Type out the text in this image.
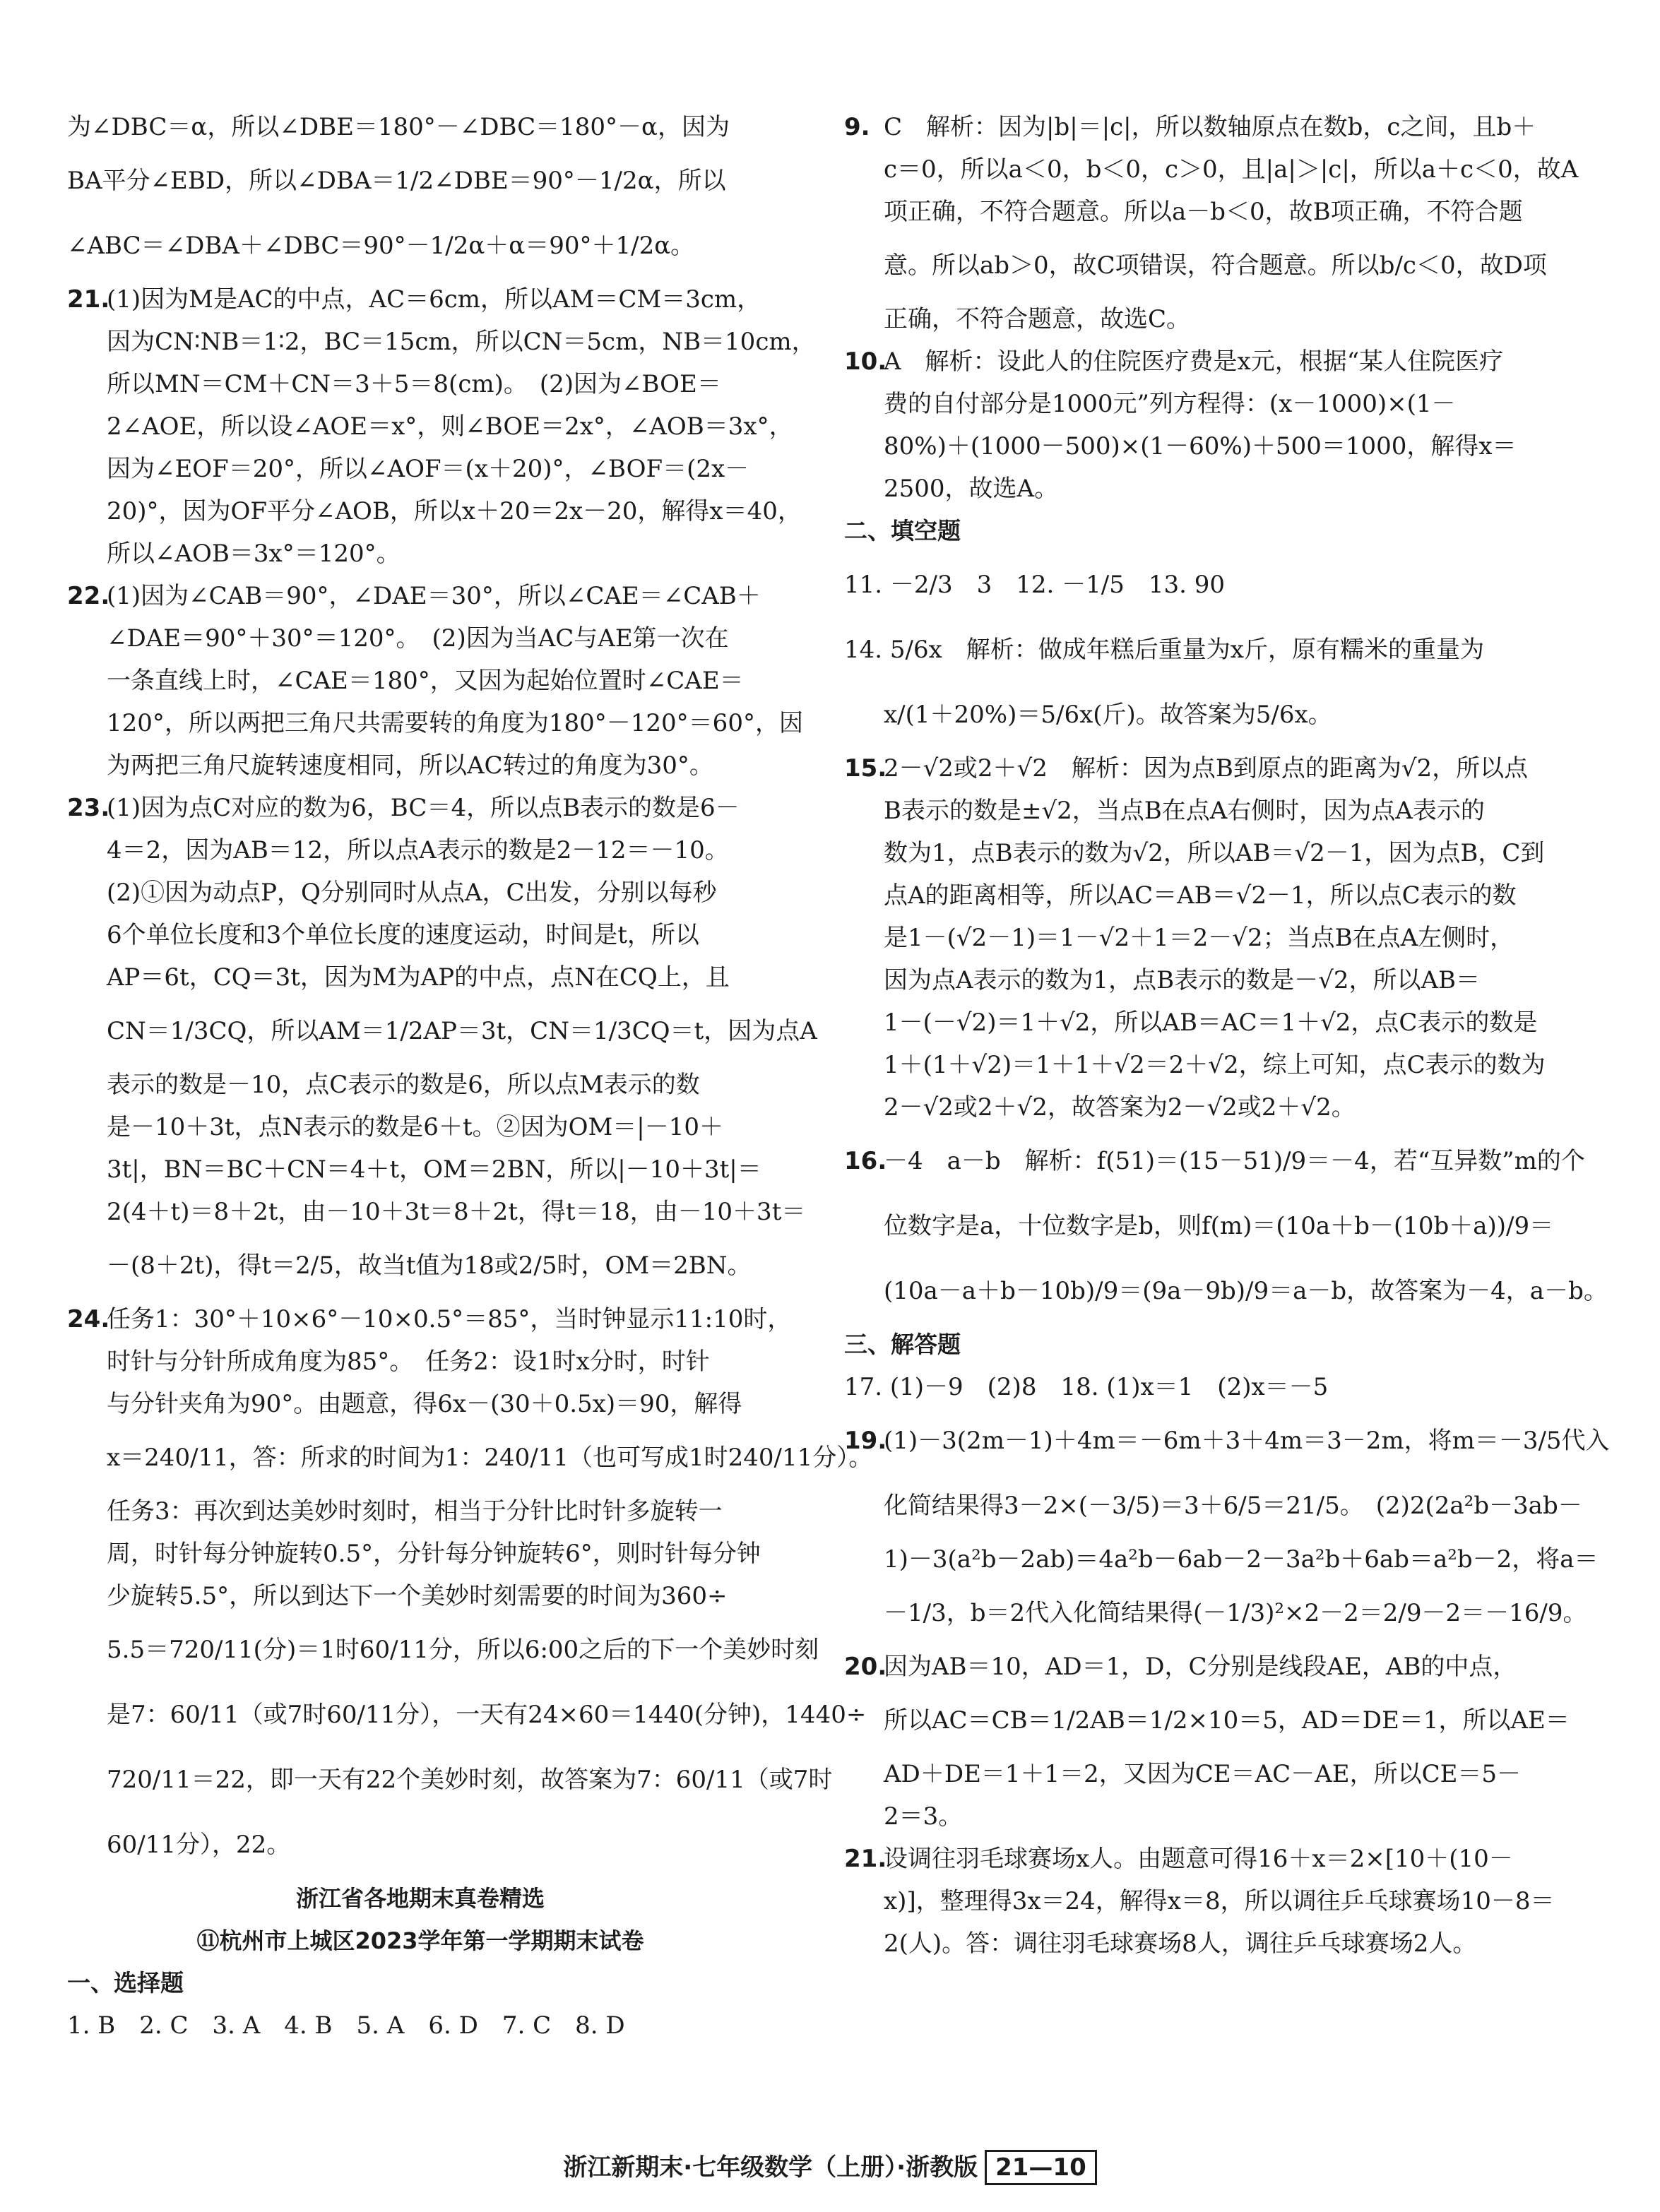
为∠DBC＝α，所以∠DBE＝180°－∠DBC＝180°－α，因为
BA平分∠EBD，所以∠DBA＝1/2∠DBE＝90°－1/2α，所以
∠ABC＝∠DBA＋∠DBC＝90°－1/2α＋α＝90°＋1/2α。
21.(1)因为M是AC的中点，AC＝6cm，所以AM＝CM＝3cm，
因为CN∶NB＝1∶2，BC＝15cm，所以CN＝5cm，NB＝10cm，
所以MN＝CM＋CN＝3＋5＝8(cm)。　(2)因为∠BOE＝
2∠AOE，所以设∠AOE＝x°，则∠BOE＝2x°，∠AOB＝3x°，
因为∠EOF＝20°，所以∠AOF＝(x＋20)°，∠BOF＝(2x－
20)°，因为OF平分∠AOB，所以x＋20＝2x－20，解得x＝40，
所以∠AOB＝3x°＝120°。
22.(1)因为∠CAB＝90°，∠DAE＝30°，所以∠CAE＝∠CAB＋
∠DAE＝90°＋30°＝120°。　(2)因为当AC与AE第一次在
一条直线上时，∠CAE＝180°，又因为起始位置时∠CAE＝
120°，所以两把三角尺共需要转的角度为180°－120°＝60°，因
为两把三角尺旋转速度相同，所以AC转过的角度为30°。
23.(1)因为点C对应的数为6，BC＝4，所以点B表示的数是6－
4＝2，因为AB＝12，所以点A表示的数是2－12＝－10。
(2)①因为动点P，Q分别同时从点A，C出发，分别以每秒
6个单位长度和3个单位长度的速度运动，时间是t，所以
AP＝6t，CQ＝3t，因为M为AP的中点，点N在CQ上，且
CN＝1/3CQ，所以AM＝1/2AP＝3t，CN＝1/3CQ＝t，因为点A
表示的数是－10，点C表示的数是6，所以点M表示的数
是－10＋3t，点N表示的数是6＋t。②因为OM＝|－10＋
3t|，BN＝BC＋CN＝4＋t，OM＝2BN，所以|－10＋3t|＝
2(4＋t)＝8＋2t，由－10＋3t＝8＋2t，得t＝18，由－10＋3t＝
－(8＋2t)，得t＝2/5，故当t值为18或2/5时，OM＝2BN。
24.任务1：30°＋10×6°－10×0.5°＝85°，当时钟显示11:10时，
时针与分针所成角度为85°。　任务2：设1时x分时，时针
与分针夹角为90°。由题意，得6x－(30＋0.5x)＝90，解得
x＝240/11，答：所求的时间为1：240/11（也可写成1时240/11分）。
任务3：再次到达美妙时刻时，相当于分针比时针多旋转一
周，时针每分钟旋转0.5°，分针每分钟旋转6°，则时针每分钟
少旋转5.5°，所以到达下一个美妙时刻需要的时间为360÷
5.5＝720/11(分)＝1时60/11分，所以6:00之后的下一个美妙时刻
是7：60/11（或7时60/11分），一天有24×60＝1440(分钟)，1440÷
720/11＝22，即一天有22个美妙时刻，故答案为7：60/11（或7时
60/11分），22。
浙江省各地期末真卷精选
⑪杭州市上城区2023学年第一学期期末试卷
一、选择题
1. B　2. C　3. A　4. B　5. A　6. D　7. C　8. D
9. C　解析：因为|b|＝|c|，所以数轴原点在数b，c之间，且b＋
c＝0，所以a＜0，b＜0，c＞0，且|a|＞|c|，所以a＋c＜0，故A
项正确，不符合题意。所以a－b＜0，故B项正确，不符合题
意。所以ab＞0，故C项错误，符合题意。所以b/c＜0，故D项
正确，不符合题意，故选C。
10.A　解析：设此人的住院医疗费是x元，根据“某人住院医疗
费的自付部分是1000元”列方程得：(x－1000)×(1－
80%)＋(1000－500)×(1－60%)＋500＝1000，解得x＝
2500，故选A。
二、填空题
11. －2/3　3　12. －1/5　13. 90
14. 5/6x　解析：做成年糕后重量为x斤，原有糯米的重量为
x/(1＋20%)＝5/6x(斤)。故答案为5/6x。
15.2－√2或2＋√2　解析：因为点B到原点的距离为√2，所以点
B表示的数是±√2，当点B在点A右侧时，因为点A表示的
数为1，点B表示的数为√2，所以AB＝√2－1，因为点B，C到
点A的距离相等，所以AC＝AB＝√2－1，所以点C表示的数
是1－(√2－1)＝1－√2＋1＝2－√2；当点B在点A左侧时，
因为点A表示的数为1，点B表示的数是－√2，所以AB＝
1－(－√2)＝1＋√2，所以AB＝AC＝1＋√2，点C表示的数是
1＋(1＋√2)＝1＋1＋√2＝2＋√2，综上可知，点C表示的数为
2－√2或2＋√2，故答案为2－√2或2＋√2。
16.－4　a－b　解析：f(51)＝(15－51)/9＝－4，若“互异数”m的个
位数字是a，十位数字是b，则f(m)＝(10a＋b－(10b＋a))/9＝
(10a－a＋b－10b)/9＝(9a－9b)/9＝a－b，故答案为－4，a－b。
三、解答题
17. (1)－9　(2)8　18. (1)x＝1　(2)x＝－5
19.(1)－3(2m－1)＋4m＝－6m＋3＋4m＝3－2m，将m＝－3/5代入
化简结果得3－2×(－3/5)＝3＋6/5＝21/5。　(2)2(2a²b－3ab－
1)－3(a²b－2ab)＝4a²b－6ab－2－3a²b＋6ab＝a²b－2，将a＝
－1/3，b＝2代入化简结果得(－1/3)²×2－2＝2/9－2＝－16/9。
20.因为AB＝10，AD＝1，D，C分别是线段AE，AB的中点，
所以AC＝CB＝1/2AB＝1/2×10＝5，AD＝DE＝1，所以AE＝
AD＋DE＝1＋1＝2，又因为CE＝AC－AE，所以CE＝5－
2＝3。
21.设调往羽毛球赛场x人。由题意可得16＋x＝2×[10＋(10－
x)]，整理得3x＝24，解得x＝8，所以调往乒乓球赛场10－8＝
2(人)。答：调往羽毛球赛场8人，调往乒乓球赛场2人。
浙江新期末·七年级数学（上册）·浙教版 21—10
